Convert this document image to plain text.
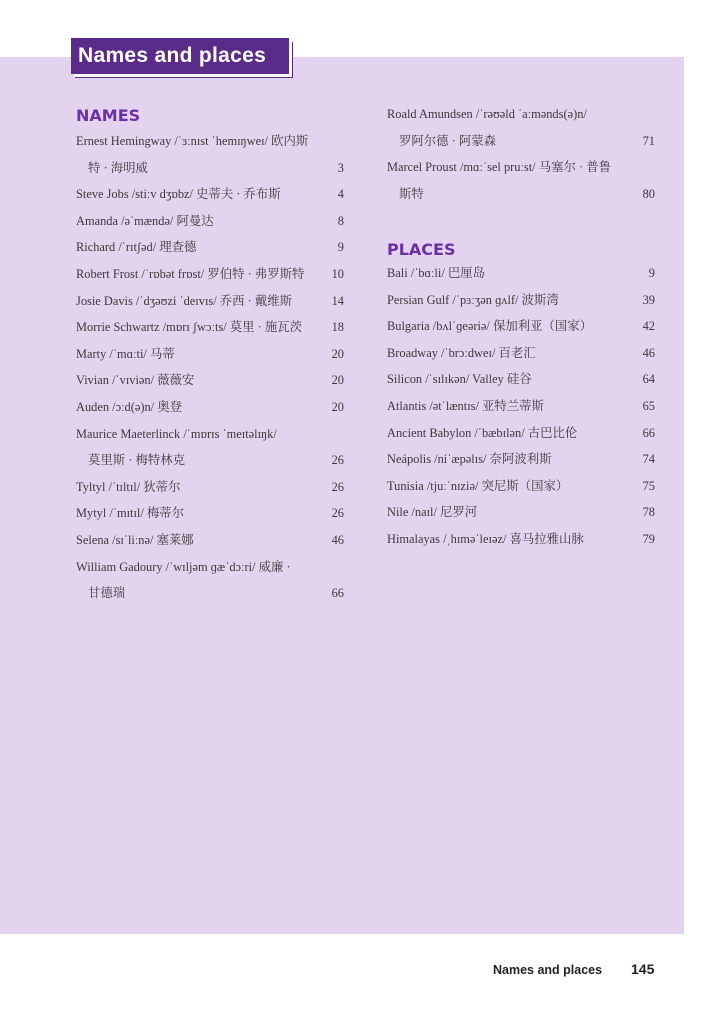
Names and places
NAMES
Ernest Hemingway /ˈɜːnɪst ˈhemɪŋweɪ/ 欧内斯
特 · 海明威	3
Steve Jobs /stiːv dʒɒbz/ 史蒂夫 · 乔布斯	4
Amanda /əˈmændə/ 阿曼达	8
Richard /ˈrɪtʃəd/ 理查德	9
Robert Frost /ˈrɒbət frɒst/ 罗伯特 · 弗罗斯特 10
Josie Davis /ˈdʒəʊzi ˈdeɪvɪs/ 乔西 · 戴维斯	14
Morrie Schwartz /mɒrɪ ʃwɔːts/ 莫里 · 施瓦茨 18
Marty /ˈmɑːti/ 马蒂	20
Vivian /ˈvɪviən/ 薇薇安	20
Auden /ɔːd(ə)n/ 奥登	20
Maurice Maeterlinck /ˈmɒrɪs ˈmeɪtəlɪŋk/
莫里斯 · 梅特林克	26
Tyltyl /ˈtɪltɪl/ 狄蒂尔	26
Mytyl /ˈmɪtɪl/ 梅蒂尔	26
Selena /sɪˈliːnə/ 塞莱娜	46
William Gadoury /ˈwɪljəm ɡæˈdɔːri/ 威廉 ·
甘德瑞	66
Roald Amundsen /ˈrəʊəld ˈaːmənds(ə)n/
罗阿尔德 · 阿蒙森	71
Marcel Proust /mɑːˈsel pruːst/ 马塞尔 · 普鲁
斯特	80
PLACES
Bali /ˈbɑːli/ 巴厘岛	9
Persian Gulf /ˈpɜːʒən ɡʌlf/ 波斯湾	39
Bulgaria /bʌlˈɡeəriə/ 保加利亚（国家）	42
Broadway /ˈbrɔːdweɪ/ 百老汇	46
Silicon /ˈsɪlɪkən/ Valley 硅谷	64
Atlantis /ətˈlæntɪs/ 亚特兰蒂斯	65
Ancient Babylon /ˈbæbɪlən/ 古巴比伦	66
Neápolis /niˈæpəlɪs/ 奈阿波利斯	74
Tunisia /tjuːˈnɪziə/ 突尼斯（国家）	75
Nile /naɪl/ 尼罗河	78
Himalayas /ˌhɪməˈleɪəz/ 喜马拉雅山脉	79
Names and places 145
